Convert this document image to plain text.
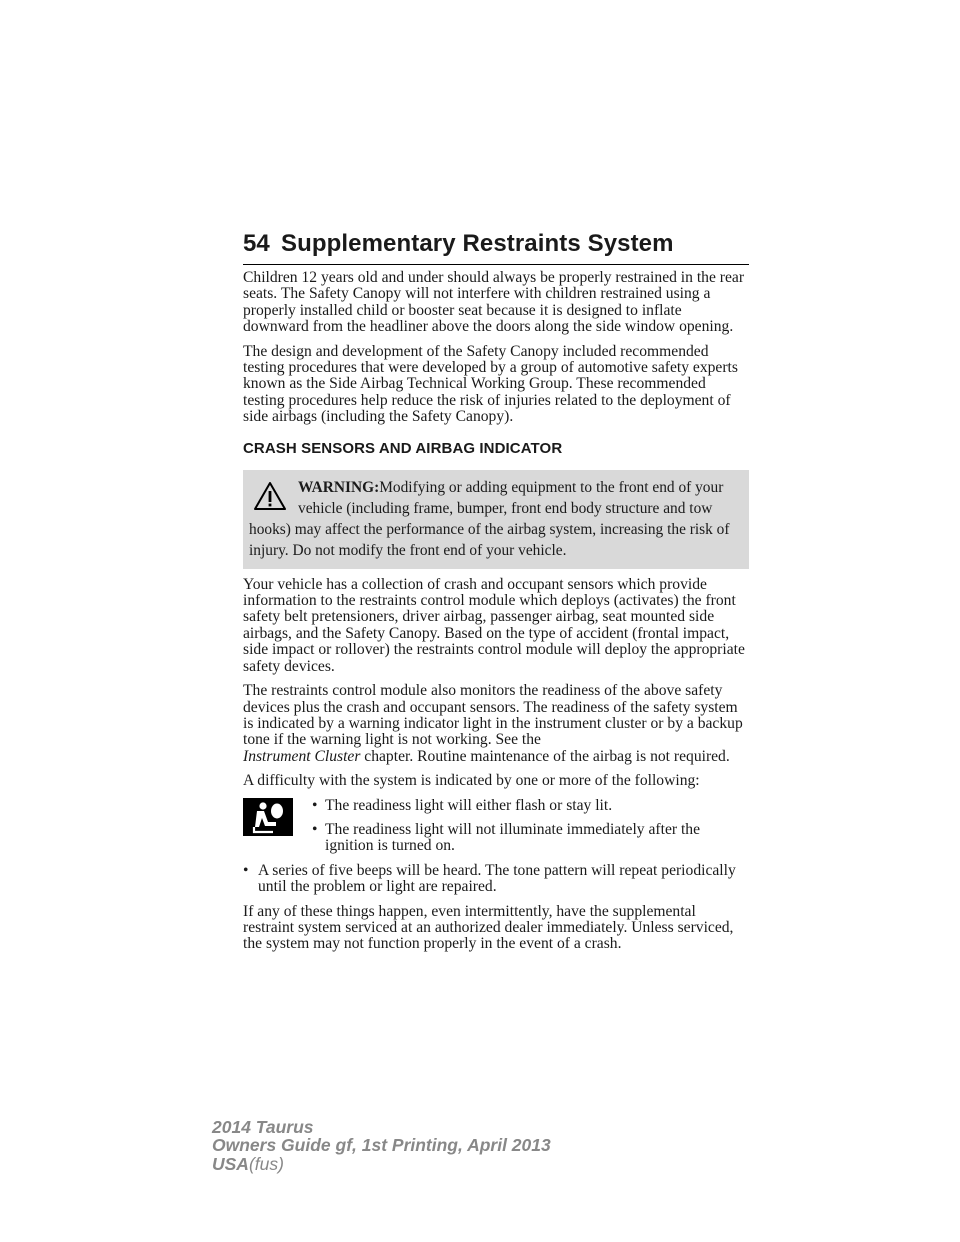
54 Supplementary Restraints System

Children 12 years old and under should always be properly restrained in the rear seats. The Safety Canopy will not interfere with children restrained using a properly installed child or booster seat because it is designed to inflate downward from the headliner above the doors along the side window opening.

The design and development of the Safety Canopy included recommended testing procedures that were developed by a group of automotive safety experts known as the Side Airbag Technical Working Group. These recommended testing procedures help reduce the risk of injuries related to the deployment of side airbags (including the Safety Canopy).

CRASH SENSORS AND AIRBAG INDICATOR
WARNING:Modifying or adding equipment to the front end of your vehicle (including frame, bumper, front end body structure and tow hooks) may affect the performance of the airbag system, increasing the risk of injury. Do not modify the front end of your vehicle.

Your vehicle has a collection of crash and occupant sensors which provide information to the restraints control module which deploys (activates) the front safety belt pretensioners, driver airbag, passenger airbag, seat mounted side airbags, and the Safety Canopy. Based on the type of accident (frontal impact, side impact or rollover) the restraints control module will deploy the appropriate safety devices.

The restraints control module also monitors the readiness of the above safety devices plus the crash and occupant sensors. The readiness of the safety system is indicated by a warning indicator light in the instrument cluster or by a backup tone if the warning light is not working. See the
Instrument Cluster chapter. Routine maintenance of the airbag is not required.

A difficulty with the system is indicated by one or more of the following:

• The readiness light will either flash or stay lit.
• The readiness light will not illuminate immediately after the ignition is turned on.
• A series of five beeps will be heard. The tone pattern will repeat periodically until the problem or light are repaired.

If any of these things happen, even intermittently, have the supplemental restraint system serviced at an authorized dealer immediately. Unless serviced, the system may not function properly in the event of a crash.

2014 Taurus
Owners Guide gf, 1st Printing, April 2013
USA(fus)
